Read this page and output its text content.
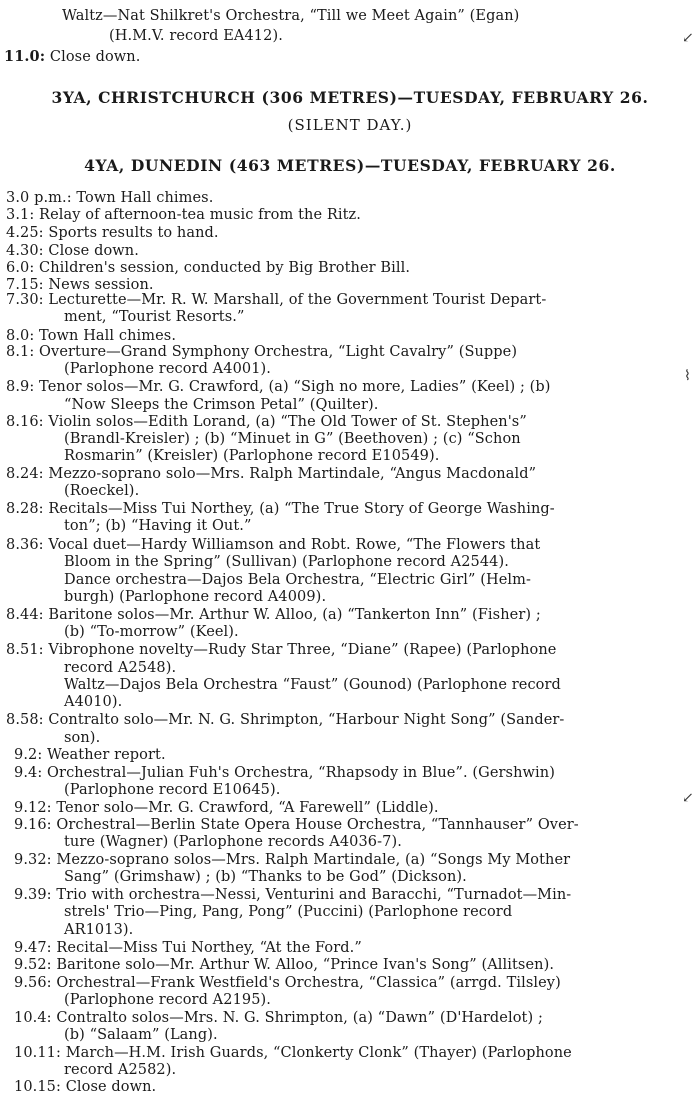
Waltz—Nat Shilkret's Orchestra, “Till we Meet Again” (Egan)
(H.M.V. record EA412).
11.0: Close down.
↙
3YA, CHRISTCHURCH (306 METRES)—TUESDAY, FEBRUARY 26.
(SILENT DAY.)
4YA, DUNEDIN (463 METRES)—TUESDAY, FEBRUARY 26.
3.0 p.m.: Town Hall chimes.
3.1: Relay of afternoon-tea music from the Ritz.
4.25: Sports results to hand.
4.30: Close down.
6.0: Children's session, conducted by Big Brother Bill.
7.15: News session.
7.30: Lecturette—Mr. R. W. Marshall, of the Government Tourist Depart-
ment, “Tourist Resorts.”
8.0: Town Hall chimes.
8.1: Overture—Grand Symphony Orchestra, “Light Cavalry” (Suppe)
(Parlophone record A4001).
8.9: Tenor solos—Mr. G. Crawford, (a) “Sigh no more, Ladies” (Keel) ; (b)
“Now Sleeps the Crimson Petal” (Quilter).
8.16: Violin solos—Edith Lorand, (a) “The Old Tower of St. Stephen's”
(Brandl-Kreisler) ; (b) “Minuet in G” (Beethoven) ; (c) “Schon
Rosmarin” (Kreisler) (Parlophone record E10549).
8.24: Mezzo-soprano solo—Mrs. Ralph Martindale, “Angus Macdonald”
(Roeckel).
8.28: Recitals—Miss Tui Northey, (a) “The True Story of George Washing-
ton”; (b) “Having it Out.”
8.36: Vocal duet—Hardy Williamson and Robt. Rowe, “The Flowers that
Bloom in the Spring” (Sullivan) (Parlophone record A2544).
Dance orchestra—Dajos Bela Orchestra, “Electric Girl” (Helm-
burgh) (Parlophone record A4009).
8.44: Baritone solos—Mr. Arthur W. Alloo, (a) “Tankerton Inn” (Fisher) ;
(b) “To-morrow” (Keel).
8.51: Vibrophone novelty—Rudy Star Three, “Diane” (Rapee) (Parlophone
record A2548).
Waltz—Dajos Bela Orchestra “Faust” (Gounod) (Parlophone record
A4010).
8.58: Contralto solo—Mr. N. G. Shrimpton, “Harbour Night Song” (Sander-
son).
9.2: Weather report.
9.4: Orchestral—Julian Fuh's Orchestra, “Rhapsody in Blue”. (Gershwin)
(Parlophone record E10645).
9.12: Tenor solo—Mr. G. Crawford, “A Farewell” (Liddle).
9.16: Orchestral—Berlin State Opera House Orchestra, “Tannhauser” Over-
ture (Wagner) (Parlophone records A4036-7).
9.32: Mezzo-soprano solos—Mrs. Ralph Martindale, (a) “Songs My Mother
Sang” (Grimshaw) ; (b) “Thanks to be God” (Dickson).
9.39: Trio with orchestra—Nessi, Venturini and Baracchi, “Turnadot—Min-
strels' Trio—Ping, Pang, Pong” (Puccini) (Parlophone record
AR1013).
9.47: Recital—Miss Tui Northey, “At the Ford.”
9.52: Baritone solo—Mr. Arthur W. Alloo, “Prince Ivan's Song” (Allitsen).
9.56: Orchestral—Frank Westfield's Orchestra, “Classica” (arrgd. Tilsley)
(Parlophone record A2195).
10.4: Contralto solos—Mrs. N. G. Shrimpton, (a) “Dawn” (D'Hardelot) ;
(b) “Salaam” (Lang).
10.11: March—H.M. Irish Guards, “Clonkerty Clonk” (Thayer) (Parlophone
record A2582).
10.15: Close down.
⌇
↙
